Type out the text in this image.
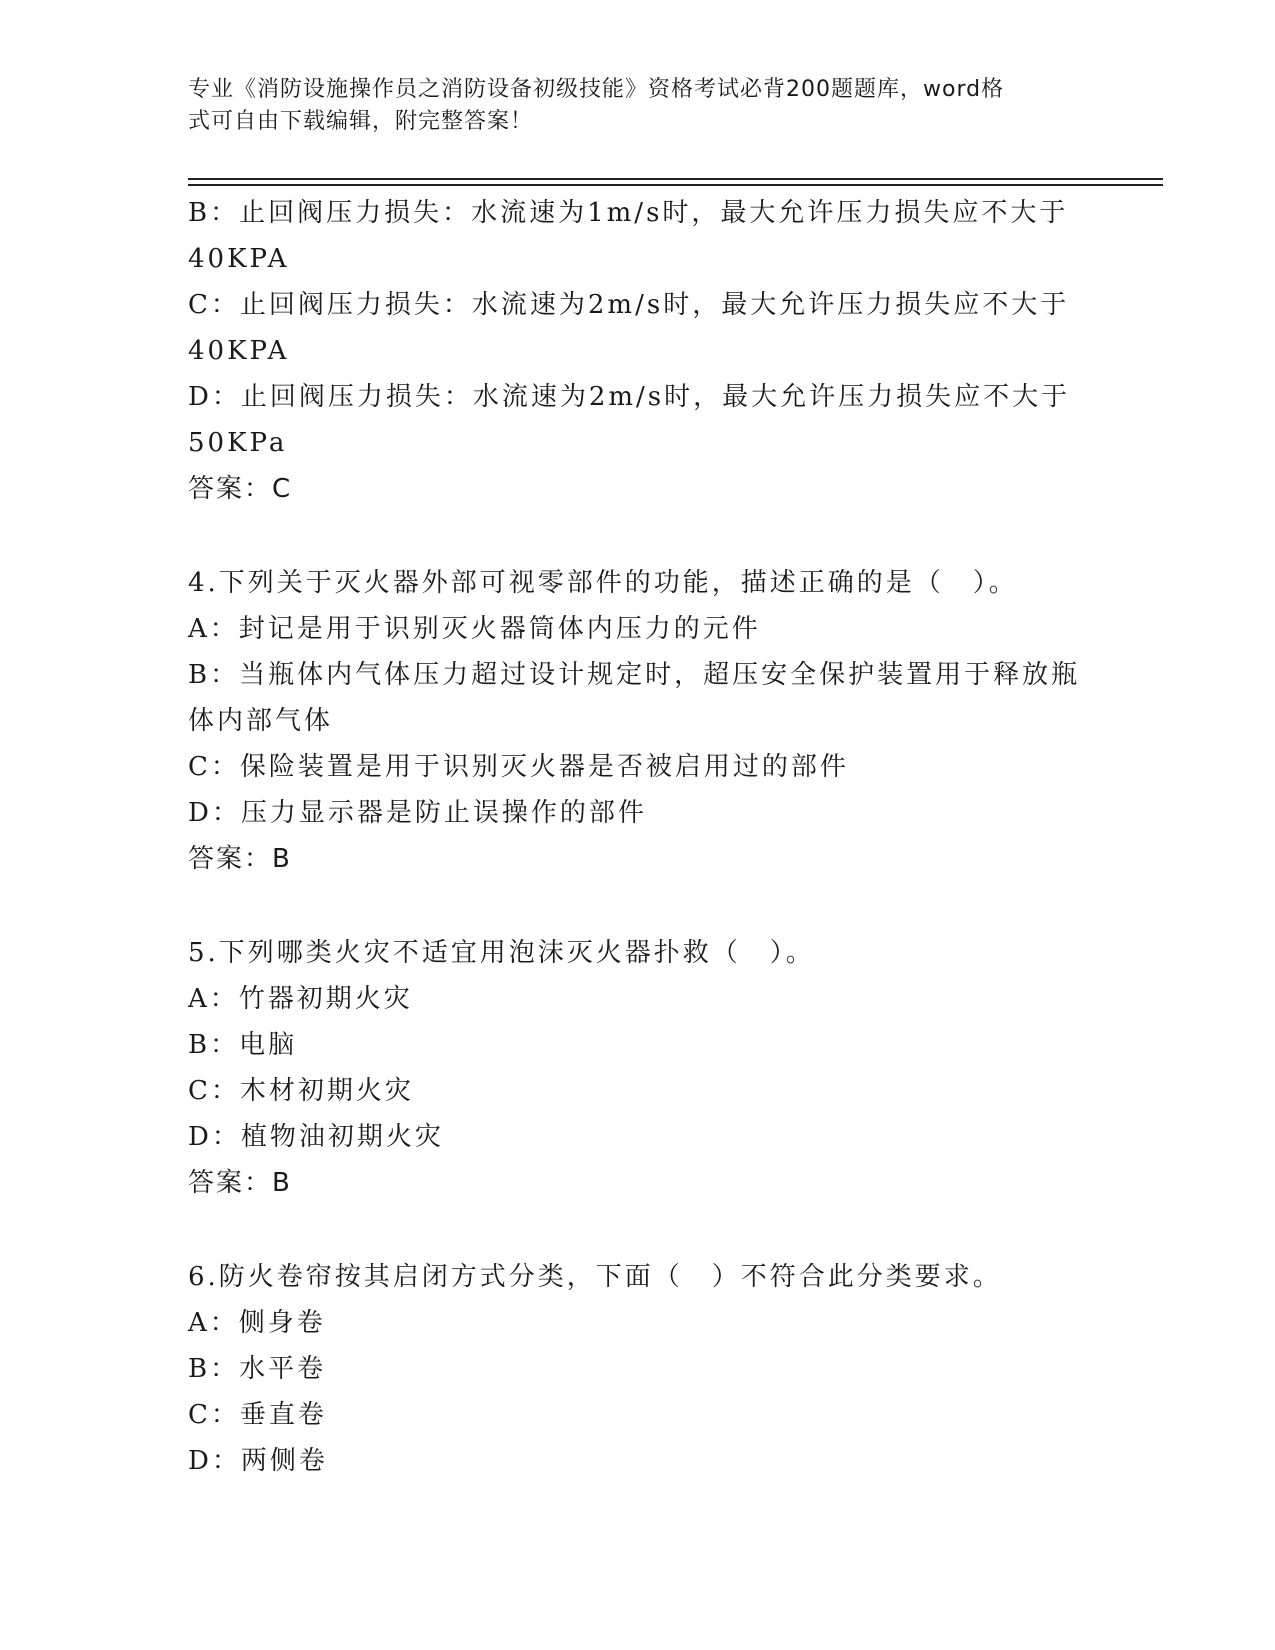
专业《消防设施操作员之消防设备初级技能》资格考试必背200题题库，word格
式可自由下载编辑，附完整答案！
B：止回阀压力损失：水流速为1m/s时，最大允许压力损失应不大于
40KPA
C：止回阀压力损失：水流速为2m/s时，最大允许压力损失应不大于
40KPA
D：止回阀压力损失：水流速为2m/s时，最大允许压力损失应不大于
50KPa
答案：C
4.下列关于灭火器外部可视零部件的功能，描述正确的是（　）。
A：封记是用于识别灭火器筒体内压力的元件
B：当瓶体内气体压力超过设计规定时，超压安全保护装置用于释放瓶
体内部气体
C：保险装置是用于识别灭火器是否被启用过的部件
D：压力显示器是防止误操作的部件
答案：B
5.下列哪类火灾不适宜用泡沫灭火器扑救（　）。
A：竹器初期火灾
B：电脑
C：木材初期火灾
D：植物油初期火灾
答案：B
6.防火卷帘按其启闭方式分类，下面（　）不符合此分类要求。
A：侧身卷
B：水平卷
C：垂直卷
D：两侧卷
